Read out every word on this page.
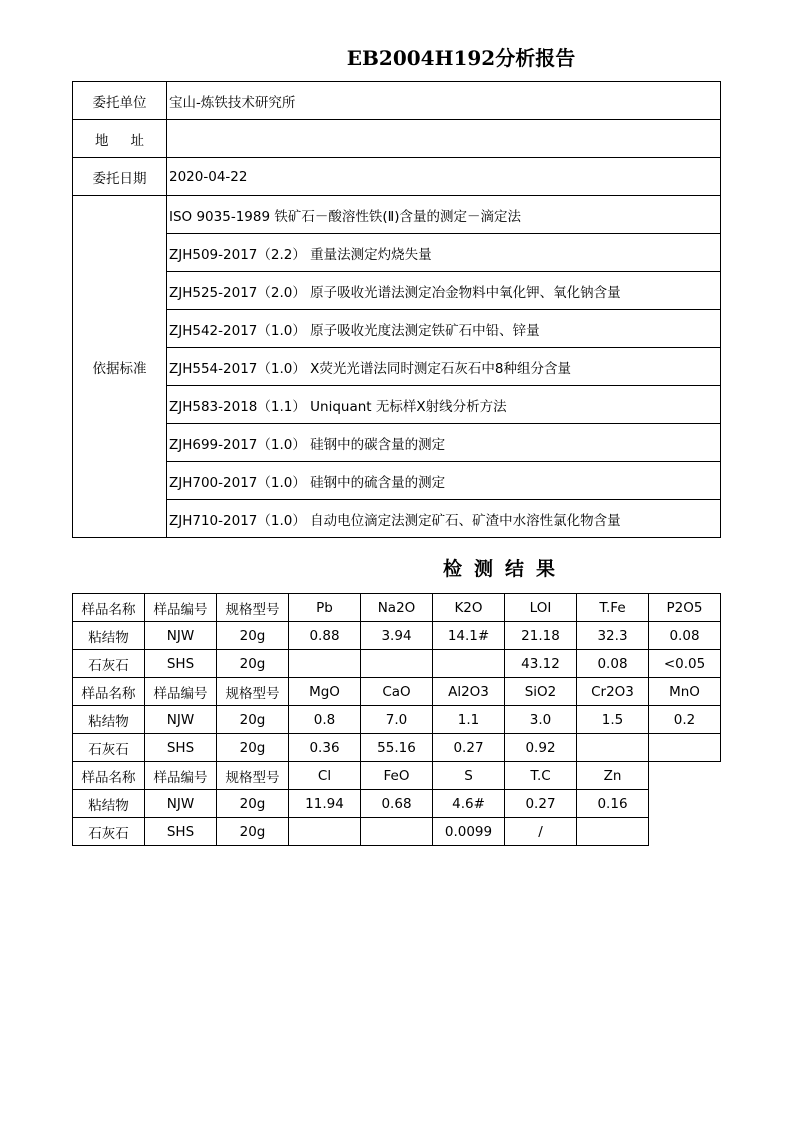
EB2004H192分析报告
委托单位	宝山-炼铁技术研究所
地址	
委托日期	2020-04-22
依据标准	ISO 9035-1989 铁矿石－酸溶性铁(Ⅱ)含量的测定－滴定法
	ZJH509-2017（2.2） 重量法测定灼烧失量
	ZJH525-2017（2.0） 原子吸收光谱法测定冶金物料中氧化钾、氧化钠含量
	ZJH542-2017（1.0） 原子吸收光度法测定铁矿石中铅、锌量
	ZJH554-2017（1.0） X荧光光谱法同时测定石灰石中8种组分含量
	ZJH583-2018（1.1） Uniquant 无标样X射线分析方法
	ZJH699-2017（1.0） 硅钢中的碳含量的测定
	ZJH700-2017（1.0） 硅钢中的硫含量的测定
	ZJH710-2017（1.0） 自动电位滴定法测定矿石、矿渣中水溶性氯化物含量
检测结果
样品名称	样品编号	规格型号	Pb	Na2O	K2O	LOI	T.Fe	P2O5
粘结物	NJW	20g	0.88	3.94	14.1#	21.18	32.3	0.08
石灰石	SHS	20g				43.12	0.08	<0.05
样品名称	样品编号	规格型号	MgO	CaO	Al2O3	SiO2	Cr2O3	MnO
粘结物	NJW	20g	0.8	7.0	1.1	3.0	1.5	0.2
石灰石	SHS	20g	0.36	55.16	0.27	0.92		
样品名称	样品编号	规格型号	Cl	FeO	S	T.C	Zn	
粘结物	NJW	20g	11.94	0.68	4.6#	0.27	0.16	
石灰石	SHS	20g			0.0099	/		
